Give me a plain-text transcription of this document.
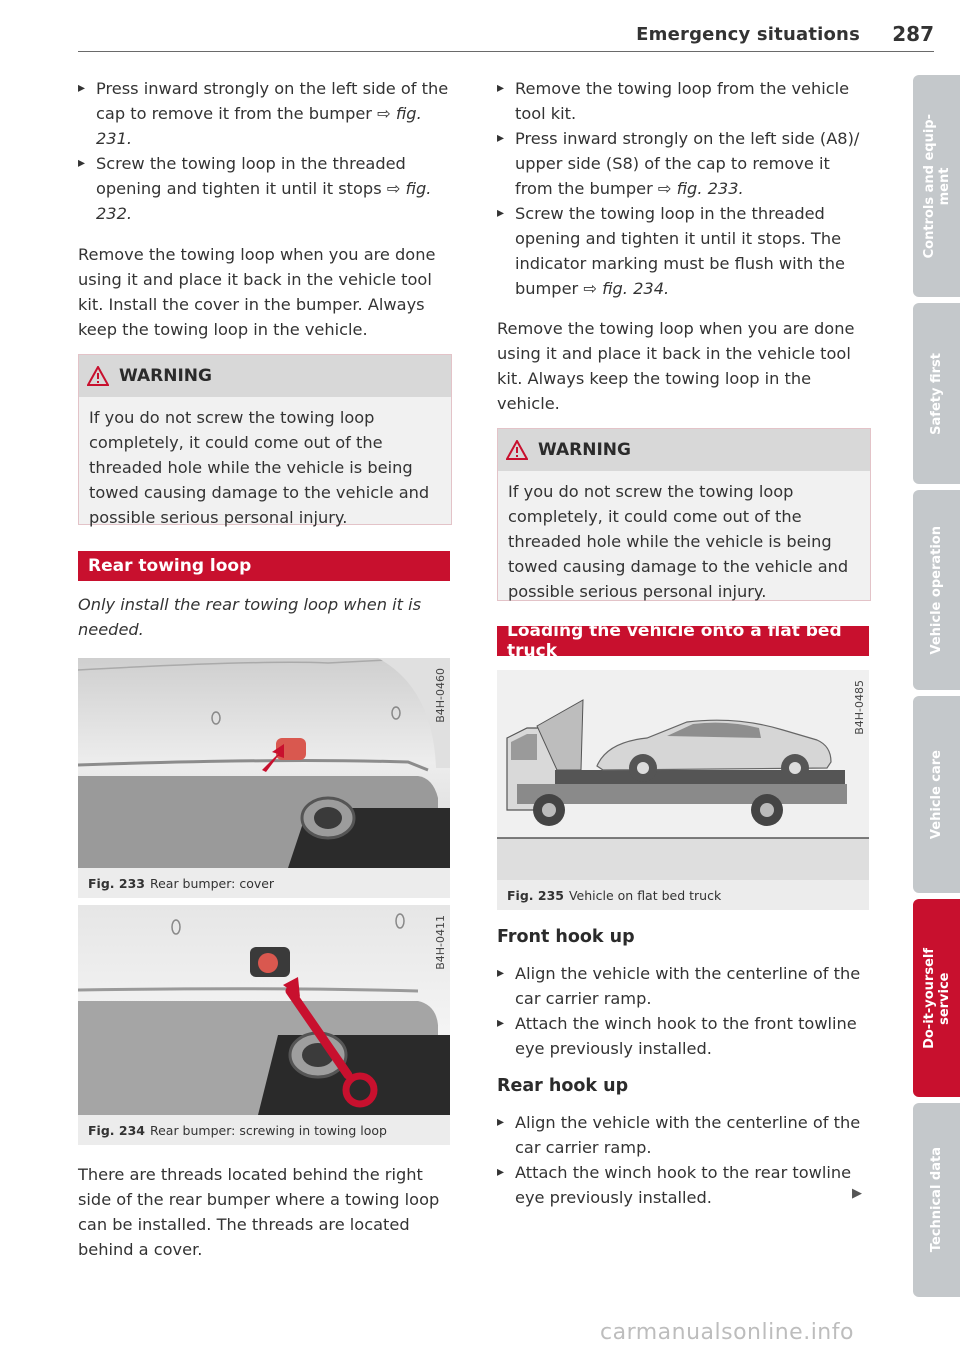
Emergency situations	287
▸ Press inward strongly on the left side of the cap to remove it from the bumper ⇨ fig. 231.
▸ Screw the towing loop in the threaded opening and tighten it until it stops ⇨ fig. 232.

Remove the towing loop when you are done using it and place it back in the vehicle tool kit. Install the cover in the bumper. Always keep the towing loop in the vehicle.

WARNING
If you do not screw the towing loop completely, it could come out of the threaded hole while the vehicle is being towed causing damage to the vehicle and possible serious personal injury.
Rear towing loop
Only install the rear towing loop when it is needed.
B4H-0460
Fig. 233 Rear bumper: cover
B4H-0411
Fig. 234 Rear bumper: screwing in towing loop

There are threads located behind the right side of the rear bumper where a towing loop can be installed. The threads are located behind a cover.

▸ Remove the towing loop from the vehicle tool kit.
▸ Press inward strongly on the left side (A8)/ upper side (S8) of the cap to remove it from the bumper ⇨ fig. 233.
▸ Screw the towing loop in the threaded opening and tighten it until it stops. The indicator marking must be flush with the bumper ⇨ fig. 234.

Remove the towing loop when you are done using it and place it back in the vehicle tool kit. Always keep the towing loop in the vehicle.

WARNING
If you do not screw the towing loop completely, it could come out of the threaded hole while the vehicle is being towed causing damage to the vehicle and possible serious personal injury.
Loading the vehicle onto a flat bed truck
B4H-0485
Fig. 235 Vehicle on flat bed truck
Front hook up
▸ Align the vehicle with the centerline of the car carrier ramp.
▸ Attach the winch hook to the front towline eye previously installed.
Rear hook up
▸ Align the vehicle with the centerline of the car carrier ramp.
▸ Attach the winch hook to the rear towline eye previously installed.	▶
Controls and equip-
ment
Safety first
Vehicle operation
Vehicle care
Do-it-yourself
service
Technical data
carmanualsonline.info
